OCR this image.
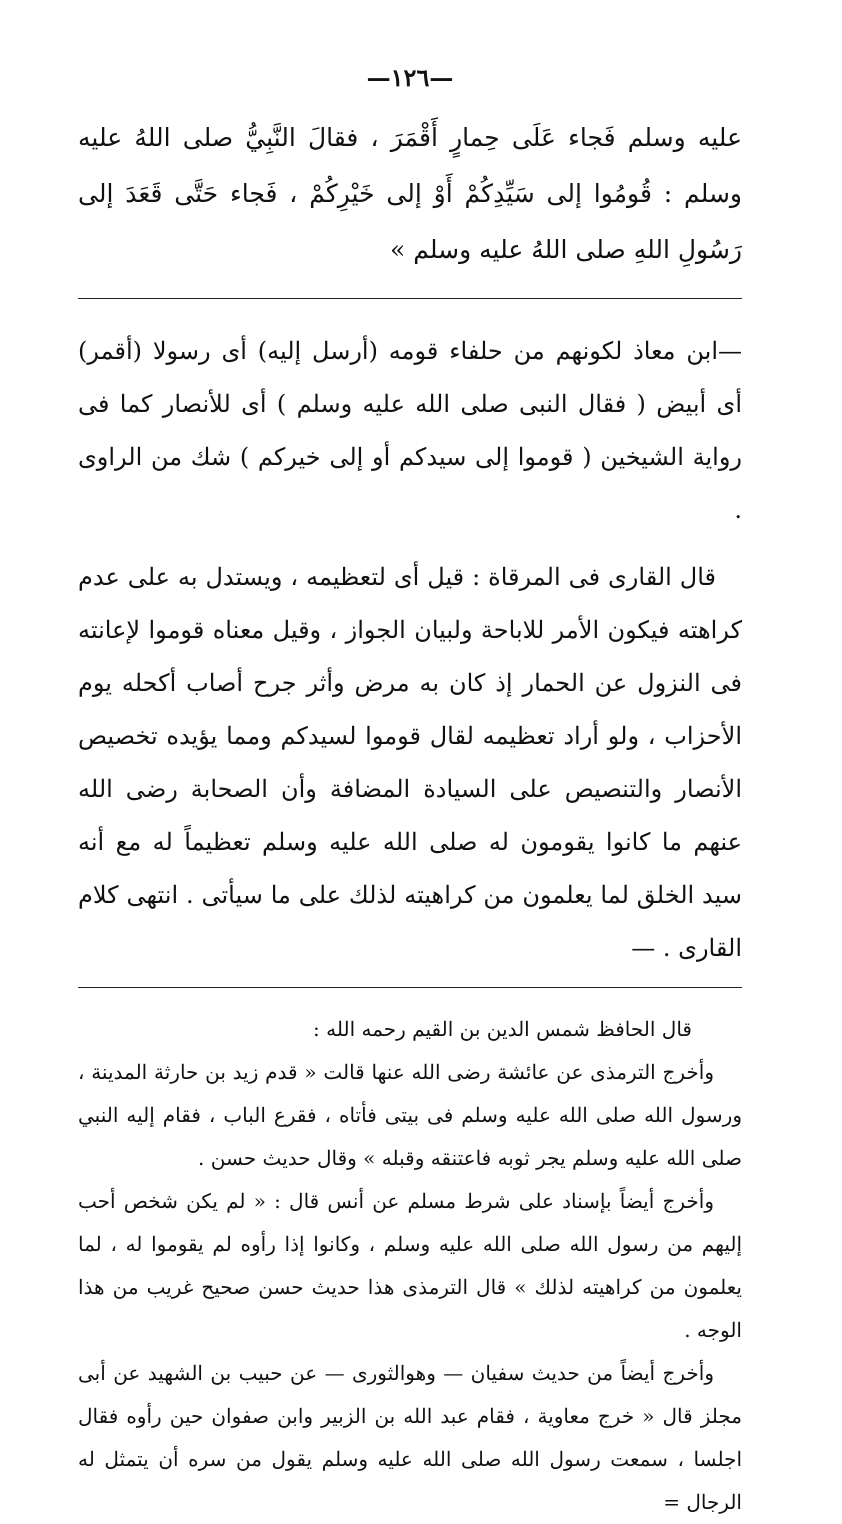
—١٢٦—
عليه وسلم فَجاء عَلَى حِمارٍ أَقْمَرَ ، فقالَ النَّبِيُّ صلى اللهُ عليه وسلم : قُومُوا إلى سَيِّدِكُمْ أَوْ إلى خَيْرِكُمْ ، فَجاء حَتَّى قَعَدَ إلى رَسُولِ اللهِ صلى اللهُ عليه وسلم »

—ابن معاذ لكونهم من حلفاء قومه (أرسل إليه) أى رسولا (أقمر) أى أبيض ( فقال النبى صلى الله عليه وسلم ) أى للأنصار كما فى رواية الشيخين ( قوموا إلى سيدكم أو إلى خيركم ) شك من الراوى .

قال القارى فى المرقاة : قيل أى لتعظيمه ، ويستدل به على عدم كراهته فيكون الأمر للاباحة ولبيان الجواز ، وقيل معناه قوموا لإعانته فى النزول عن الحمار إذ كان به مرض وأثر جرح أصاب أكحله يوم الأحزاب ، ولو أراد تعظيمه لقال قوموا لسيدكم ومما يؤيده تخصيص الأنصار والتنصيص على السيادة المضافة وأن الصحابة رضى الله عنهم ما كانوا يقومون له صلى الله عليه وسلم تعظيماً له مع أنه سيد الخلق لما يعلمون من كراهيته لذلك على ما سيأتى . انتهى كلام القارى . —

قال الحافظ شمس الدين بن القيم رحمه الله :

وأخرج الترمذى عن عائشة رضى الله عنها قالت « قدم زيد بن حارثة المدينة ، ورسول الله صلى الله عليه وسلم فى بيتى فأتاه ، فقرع الباب ، فقام إليه النبي صلى الله عليه وسلم يجر ثوبه فاعتنقه وقبله » وقال حديث حسن .

وأخرج أيضاً بإسناد على شرط مسلم عن أنس قال : « لم يكن شخص أحب إليهم من رسول الله صلى الله عليه وسلم ، وكانوا إذا رأوه لم يقوموا له ، لما يعلمون من كراهيته لذلك » قال الترمذى هذا حديث حسن صحيح غريب من هذا الوجه .

وأخرج أيضاً من حديث سفيان — وهوالثورى — عن حبيب بن الشهيد عن أبى مجلز قال « خرج معاوية ، فقام عبد الله بن الزبير وابن صفوان حين رأوه فقال اجلسا ، سمعت رسول الله صلى الله عليه وسلم يقول من سره أن يتمثل له الرجال =
